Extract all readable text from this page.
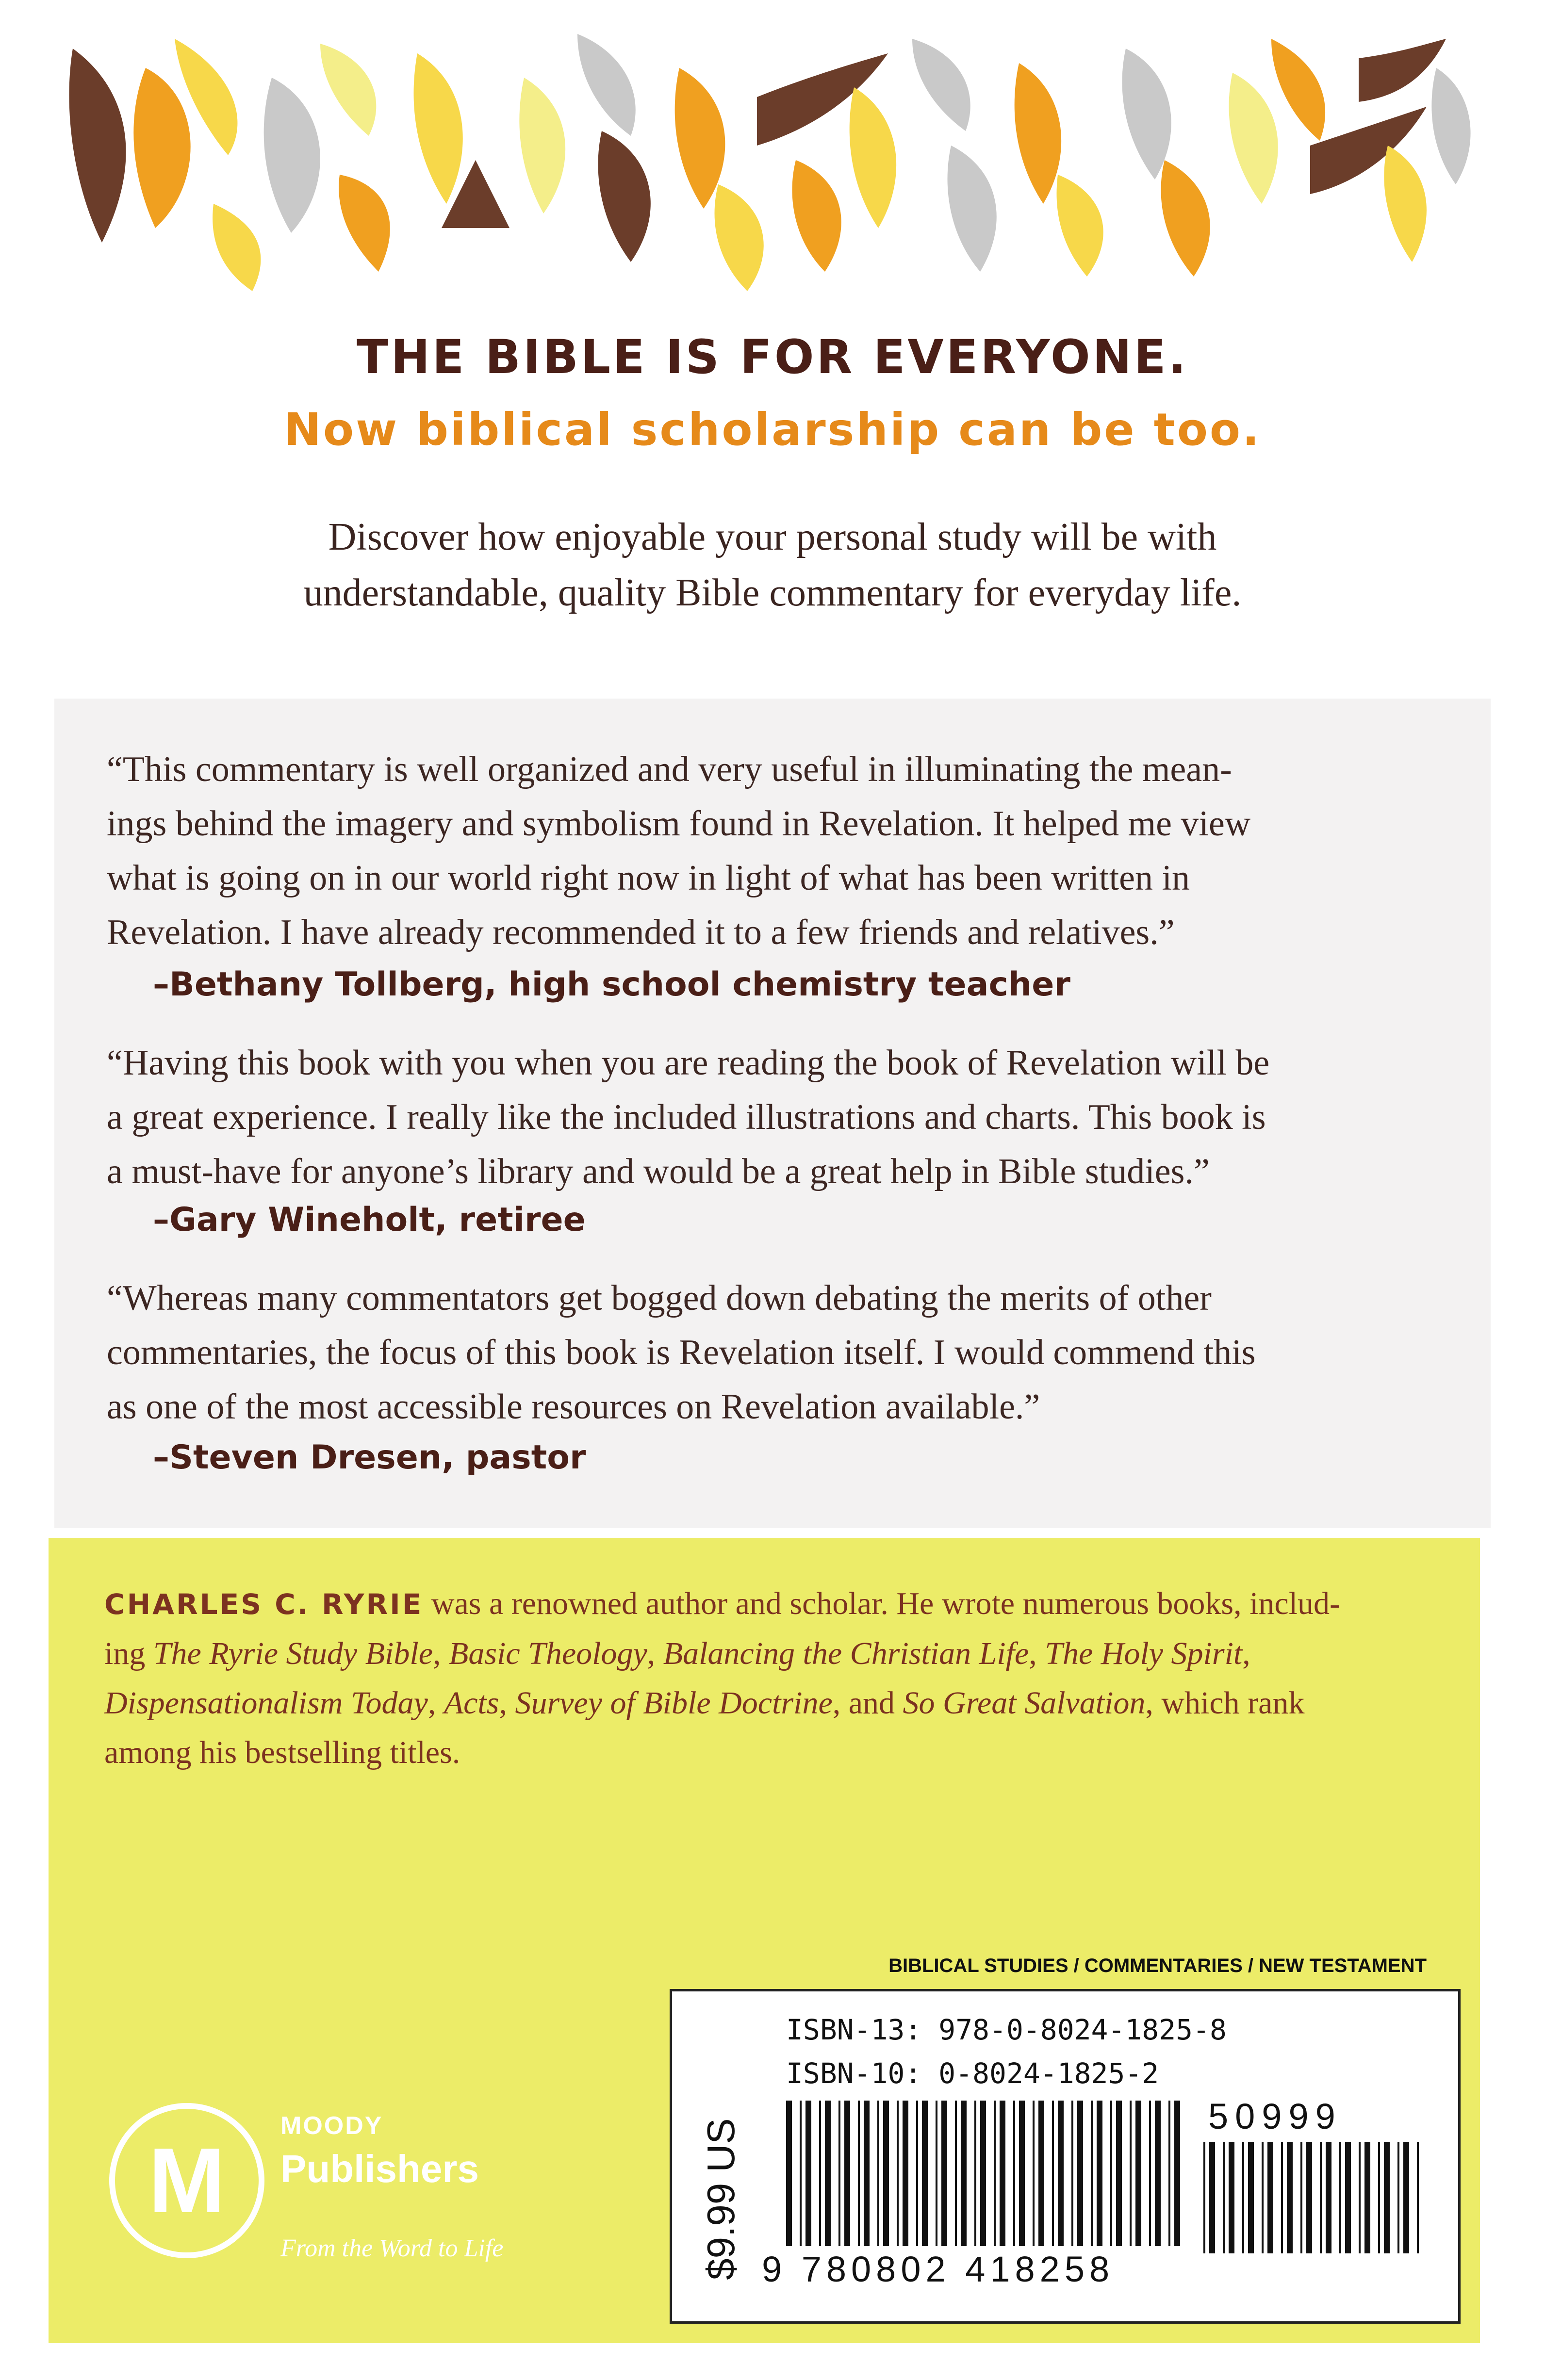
THE BIBLE IS FOR EVERYONE.
Now biblical scholarship can be too.
Discover how enjoyable your personal study will be with
understandable, quality Bible commentary for everyday life.
“This commentary is well organized and very useful in illuminating the mean-
ings behind the imagery and symbolism found in Revelation. It helped me view
what is going on in our world right now in light of what has been written in
Revelation. I have already recommended it to a few friends and relatives.”
–Bethany Tollberg, high school chemistry teacher
“Having this book with you when you are reading the book of Revelation will be
a great experience. I really like the included illustrations and charts. This book is
a must-have for anyone’s library and would be a great help in Bible studies.”
–Gary Wineholt, retiree
“Whereas many commentators get bogged down debating the merits of other
commentaries, the focus of this book is Revelation itself. I would commend this
as one of the most accessible resources on Revelation available.”
–Steven Dresen, pastor
CHARLES C. RYRIE was a renowned author and scholar. He wrote numerous books, includ-
ing The Ryrie Study Bible, Basic Theology, Balancing the Christian Life, The Holy Spirit,
Dispensationalism Today, Acts, Survey of Bible Doctrine, and So Great Salvation, which rank
among his bestselling titles.
BIBLICAL STUDIES / COMMENTARIES / NEW TESTAMENT
M
MOODY
Publishers
From the Word to Life	$9.99 US
ISBN-13: 978-0-8024-1825-8
ISBN-10: 0-8024-1825-2
50999
9 780802 418258
